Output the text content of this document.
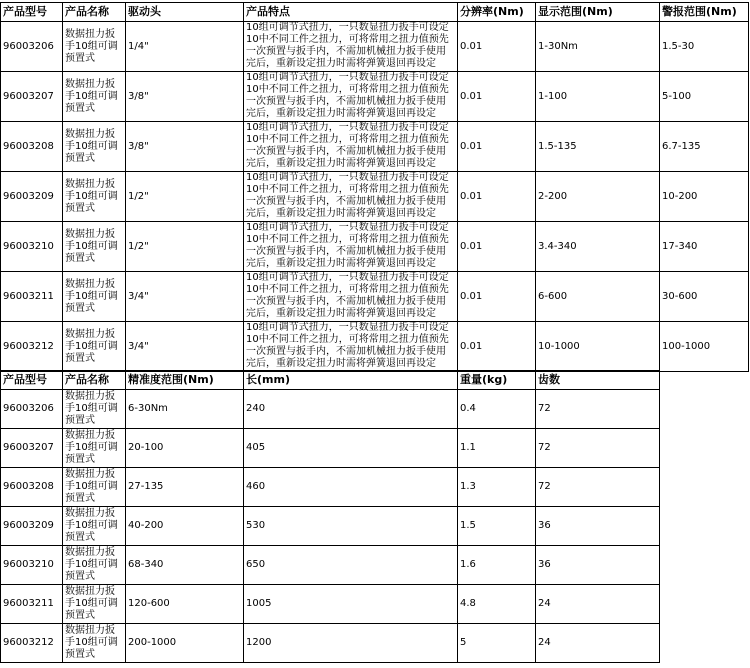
产品型号	产品名称	驱动头	产品特点	分辨率(Nm)	显示范围(Nm)	警报范围(Nm)
96003206	数据扭力扳手10组可调预置式	1/4"	10组可调节式扭力，一只数显扭力扳手可设定10中不同工件之扭力，可将常用之扭力值预先一次预置与扳手内，不需加机械扭力扳手使用完后，重新设定扭力时需将弹簧退回再设定	0.01	1-30Nm	1.5-30
96003207	数据扭力扳手10组可调预置式	3/8"	10组可调节式扭力，一只数显扭力扳手可设定10中不同工件之扭力，可将常用之扭力值预先一次预置与扳手内，不需加机械扭力扳手使用完后，重新设定扭力时需将弹簧退回再设定	0.01	1-100	5-100
96003208	数据扭力扳手10组可调预置式	3/8"	10组可调节式扭力，一只数显扭力扳手可设定10中不同工件之扭力，可将常用之扭力值预先一次预置与扳手内，不需加机械扭力扳手使用完后，重新设定扭力时需将弹簧退回再设定	0.01	1.5-135	6.7-135
96003209	数据扭力扳手10组可调预置式	1/2"	10组可调节式扭力，一只数显扭力扳手可设定10中不同工件之扭力，可将常用之扭力值预先一次预置与扳手内，不需加机械扭力扳手使用完后，重新设定扭力时需将弹簧退回再设定	0.01	2-200	10-200
96003210	数据扭力扳手10组可调预置式	1/2"	10组可调节式扭力，一只数显扭力扳手可设定10中不同工件之扭力，可将常用之扭力值预先一次预置与扳手内，不需加机械扭力扳手使用完后，重新设定扭力时需将弹簧退回再设定	0.01	3.4-340	17-340
96003211	数据扭力扳手10组可调预置式	3/4"	10组可调节式扭力，一只数显扭力扳手可设定10中不同工件之扭力，可将常用之扭力值预先一次预置与扳手内，不需加机械扭力扳手使用完后，重新设定扭力时需将弹簧退回再设定	0.01	6-600	30-600
96003212	数据扭力扳手10组可调预置式	3/4"	10组可调节式扭力，一只数显扭力扳手可设定10中不同工件之扭力，可将常用之扭力值预先一次预置与扳手内，不需加机械扭力扳手使用完后，重新设定扭力时需将弹簧退回再设定	0.01	10-1000	100-1000
产品型号	产品名称	精准度范围(Nm)	长(mm)	重量(kg)	齿数
96003206	数据扭力扳手10组可调预置式	6-30Nm	240	0.4	72
96003207	数据扭力扳手10组可调预置式	20-100	405	1.1	72
96003208	数据扭力扳手10组可调预置式	27-135	460	1.3	72
96003209	数据扭力扳手10组可调预置式	40-200	530	1.5	36
96003210	数据扭力扳手10组可调预置式	68-340	650	1.6	36
96003211	数据扭力扳手10组可调预置式	120-600	1005	4.8	24
96003212	数据扭力扳手10组可调预置式	200-1000	1200	5	24
